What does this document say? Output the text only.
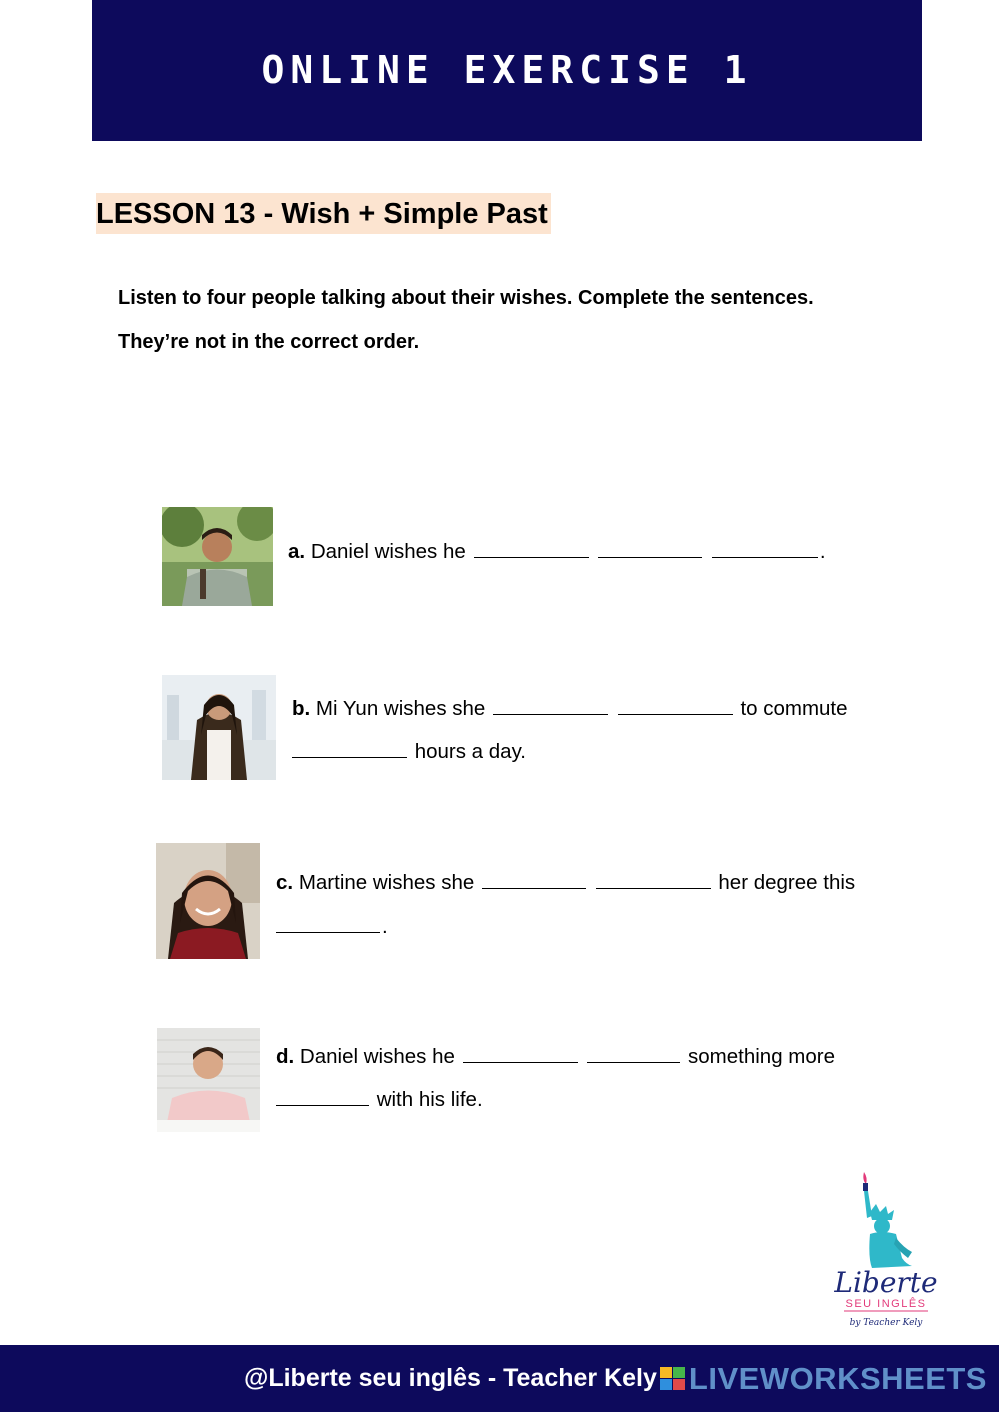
ONLINE EXERCISE 1
LESSON 13 - Wish + Simple Past

Listen to four people talking about their wishes. Complete the sentences.

They’re not in the correct order.

a. Daniel wishes he	.
b. Mi Yun wishes she	to commute
hours a day.
c. Martine wishes she	her degree this
.
d. Daniel wishes he	something more
with his life.
Liberte
SEU INGLÊS
by Teacher Kely
@Liberte seu inglês - Teacher Kely LIVEWORKSHEETS
